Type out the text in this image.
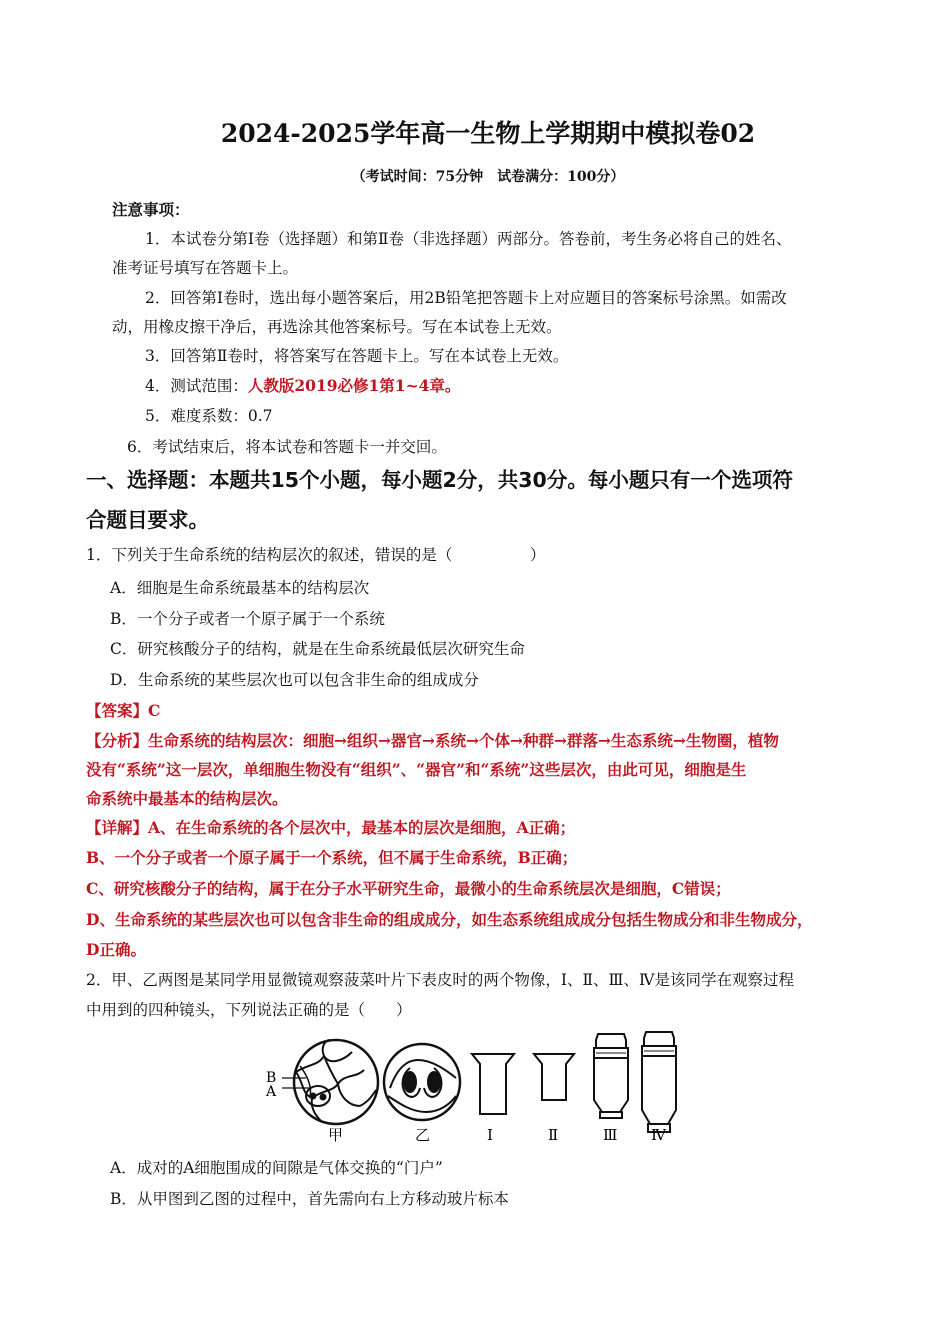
2024-2025学年高一生物上学期期中模拟卷02
（考试时间：75分钟　试卷满分：100分）
注意事项：
1．本试卷分第Ⅰ卷（选择题）和第Ⅱ卷（非选择题）两部分。答卷前，考生务必将自己的姓名、
准考证号填写在答题卡上。
2．回答第Ⅰ卷时，选出每小题答案后，用2B铅笔把答题卡上对应题目的答案标号涂黑。如需改
动，用橡皮擦干净后，再选涂其他答案标号。写在本试卷上无效。
3．回答第Ⅱ卷时，将答案写在答题卡上。写在本试卷上无效。
4．测试范围：人教版2019必修1第1~4章。
5．难度系数：0.7
6．考试结束后，将本试卷和答题卡一并交回。
一、选择题：本题共15个小题，每小题2分，共30分。每小题只有一个选项符
合题目要求。
1．下列关于生命系统的结构层次的叙述，错误的是（　　　　　）
A．细胞是生命系统最基本的结构层次
B．一个分子或者一个原子属于一个系统
C．研究核酸分子的结构，就是在生命系统最低层次研究生命
D．生命系统的某些层次也可以包含非生命的组成成分
【答案】C
【分析】生命系统的结构层次：细胞→组织→器官→系统→个体→种群→群落→生态系统→生物圈，植物
没有“系统”这一层次，单细胞生物没有“组织”、“器官”和“系统”这些层次，由此可见，细胞是生
命系统中最基本的结构层次。
【详解】A、在生命系统的各个层次中，最基本的层次是细胞，A正确；
B、一个分子或者一个原子属于一个系统，但不属于生命系统，B正确；
C、研究核酸分子的结构，属于在分子水平研究生命，最微小的生命系统层次是细胞，C错误；
D、生命系统的某些层次也可以包含非生命的组成成分，如生态系统组成成分包括生物成分和非生物成分，
D正确。
2．甲、乙两图是某同学用显微镜观察菠菜叶片下表皮时的两个物像，Ⅰ、Ⅱ、Ⅲ、Ⅳ是该同学在观察过程
中用到的四种镜头，下列说法正确的是（　　）
B
A
甲	乙	Ⅰ	Ⅱ	Ⅲ Ⅳ
A．成对的A细胞围成的间隙是气体交换的“门户”
B．从甲图到乙图的过程中，首先需向右上方移动玻片标本
